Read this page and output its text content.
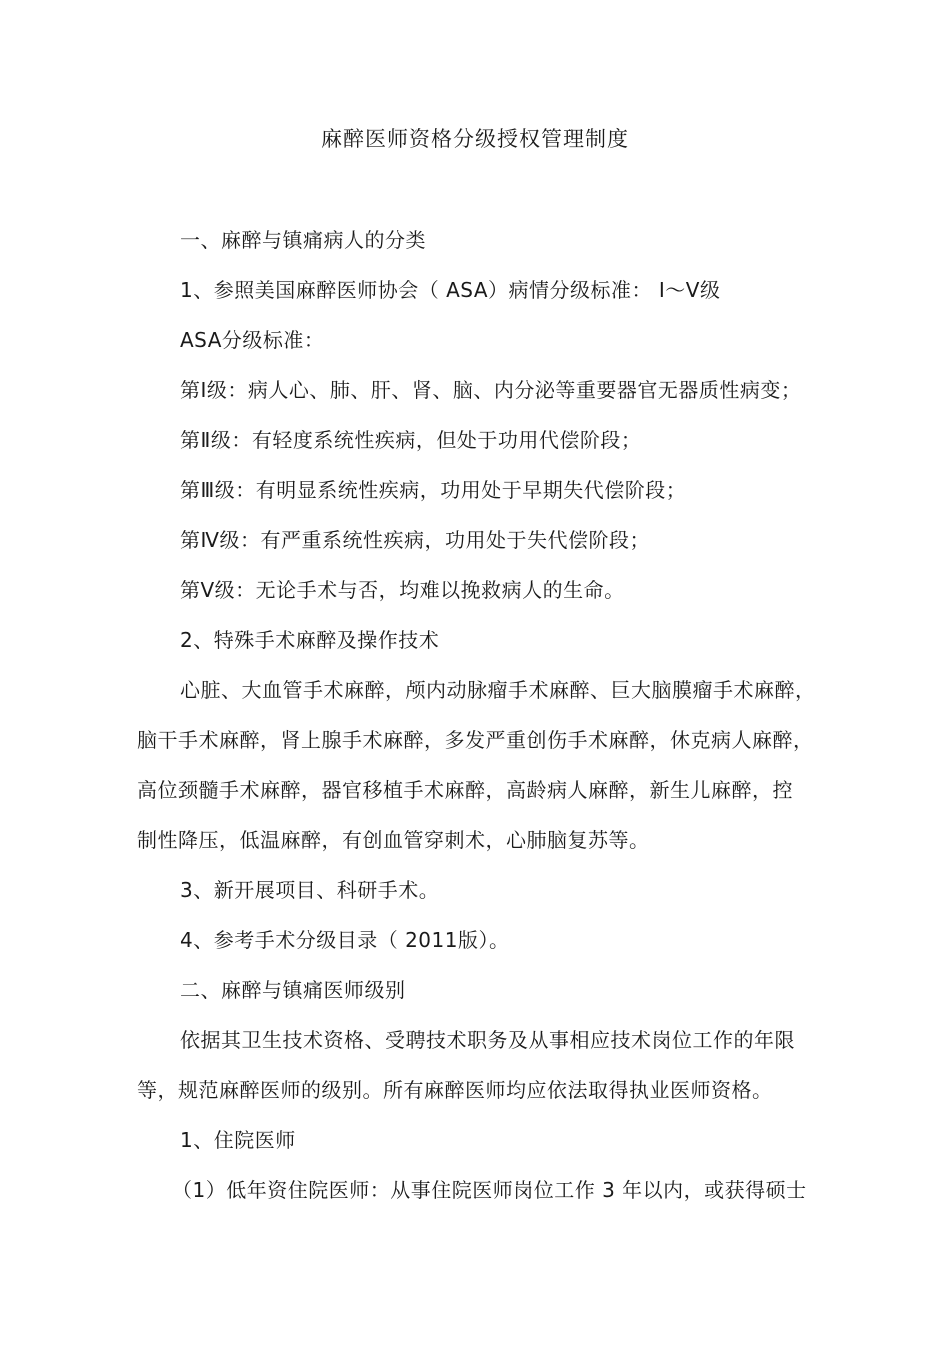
麻醉医师资格分级授权管理制度
一、麻醉与镇痛病人的分类
1、参照美国麻醉医师协会（ ASA）病情分级标准： Ⅰ～Ⅴ级
ASA分级标准：
第Ⅰ级：病人心、肺、肝、肾、脑、内分泌等重要器官无器质性病变；
第Ⅱ级：有轻度系统性疾病，但处于功用代偿阶段；
第Ⅲ级：有明显系统性疾病，功用处于早期失代偿阶段；
第Ⅳ级：有严重系统性疾病，功用处于失代偿阶段；
第Ⅴ级：无论手术与否，均难以挽救病人的生命。
2、特殊手术麻醉及操作技术
心脏、大血管手术麻醉，颅内动脉瘤手术麻醉、巨大脑膜瘤手术麻醉，
脑干手术麻醉，肾上腺手术麻醉，多发严重创伤手术麻醉，休克病人麻醉，
高位颈髓手术麻醉，器官移植手术麻醉，高龄病人麻醉，新生儿麻醉，控
制性降压，低温麻醉，有创血管穿刺术，心肺脑复苏等。
3、新开展项目、科研手术。
4、参考手术分级目录（ 2011版）。
二、麻醉与镇痛医师级别
依据其卫生技术资格、受聘技术职务及从事相应技术岗位工作的年限
等，规范麻醉医师的级别。所有麻醉医师均应依法取得执业医师资格。
1、住院医师
（1）低年资住院医师：从事住院医师岗位工作 3 年以内，或获得硕士
